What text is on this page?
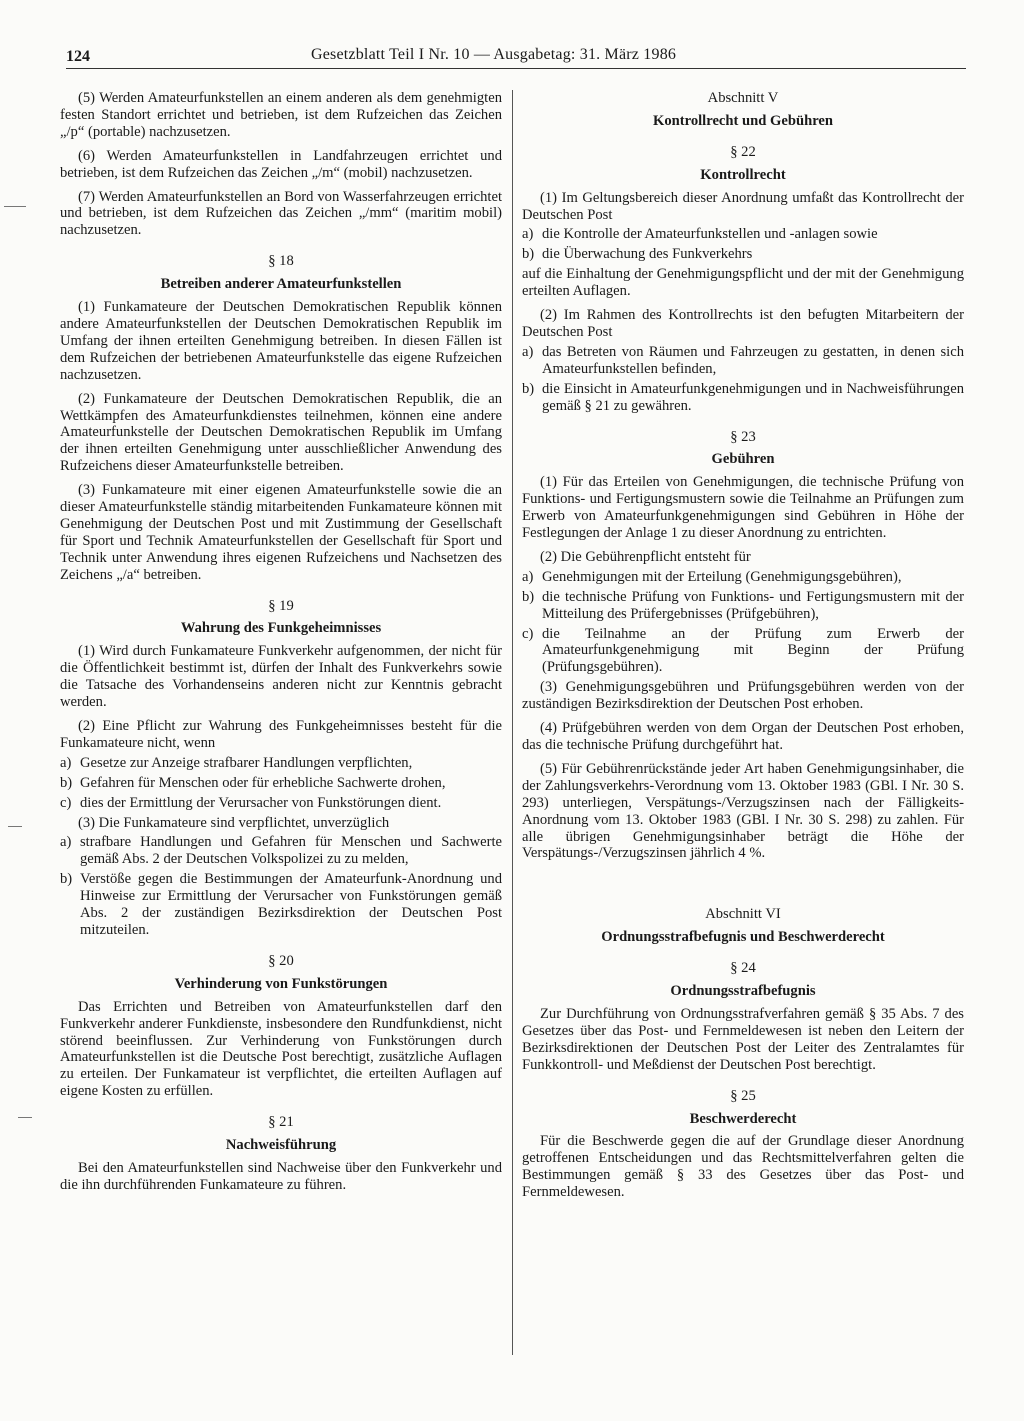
124	Gesetzblatt Teil I Nr. 10 — Ausgabetag: 31. März 1986

(5) Werden Amateurfunkstellen an einem anderen als dem genehmigten festen Standort errichtet und betrieben, ist dem Rufzeichen das Zeichen „/p“ (portable) nachzusetzen.

(6) Werden Amateurfunkstellen in Landfahrzeugen errichtet und betrieben, ist dem Rufzeichen das Zeichen „/m“ (mobil) nachzusetzen.

(7) Werden Amateurfunkstellen an Bord von Wasserfahrzeugen errichtet und betrieben, ist dem Rufzeichen das Zeichen „/mm“ (maritim mobil) nachzusetzen.

§ 18
Betreiben anderer Amateurfunkstellen

(1) Funkamateure der Deutschen Demokratischen Republik können andere Amateurfunkstellen der Deutschen Demokratischen Republik im Umfang der ihnen erteilten Genehmigung betreiben. In diesen Fällen ist dem Rufzeichen der betriebenen Amateurfunkstelle das eigene Rufzeichen nachzusetzen.

(2) Funkamateure der Deutschen Demokratischen Republik, die an Wettkämpfen des Amateurfunkdienstes teilnehmen, können eine andere Amateurfunkstelle der Deutschen Demokratischen Republik im Umfang der ihnen erteilten Genehmigung unter ausschließlicher Anwendung des Rufzeichens dieser Amateurfunkstelle betreiben.

(3) Funkamateure mit einer eigenen Amateurfunkstelle sowie die an dieser Amateurfunkstelle ständig mitarbeitenden Funkamateure können mit Genehmigung der Deutschen Post und mit Zustimmung der Gesellschaft für Sport und Technik Amateurfunkstellen der Gesellschaft für Sport und Technik unter Anwendung ihres eigenen Rufzeichens und Nachsetzen des Zeichens „/a“ betreiben.

§ 19
Wahrung des Funkgeheimnisses

(1) Wird durch Funkamateure Funkverkehr aufgenommen, der nicht für die Öffentlichkeit bestimmt ist, dürfen der Inhalt des Funkverkehrs sowie die Tatsache des Vorhandenseins anderen nicht zur Kenntnis gebracht werden.

(2) Eine Pflicht zur Wahrung des Funkgeheimnisses besteht für die Funkamateure nicht, wenn

a) Gesetze zur Anzeige strafbarer Handlungen verpflichten,
b) Gefahren für Menschen oder für erhebliche Sachwerte drohen,
c) dies der Ermittlung der Verursacher von Funkstörungen dient.

(3) Die Funkamateure sind verpflichtet, unverzüglich

a) strafbare Handlungen und Gefahren für Menschen und Sachwerte gemäß Abs. 2 der Deutschen Volkspolizei zu zu melden,
b) Verstöße gegen die Bestimmungen der Amateurfunk-Anordnung und Hinweise zur Ermittlung der Verursacher von Funkstörungen gemäß Abs. 2 der zuständigen Bezirksdirektion der Deutschen Post mitzuteilen.
§ 20
Verhinderung von Funkstörungen

Das Errichten und Betreiben von Amateurfunkstellen darf den Funkverkehr anderer Funkdienste, insbesondere den Rundfunkdienst, nicht störend beeinflussen. Zur Verhinderung von Funkstörungen durch Amateurfunkstellen ist die Deutsche Post berechtigt, zusätzliche Auflagen zu erteilen. Der Funkamateur ist verpflichtet, die erteilten Auflagen auf eigene Kosten zu erfüllen.

§ 21
Nachweisführung

Bei den Amateurfunkstellen sind Nachweise über den Funkverkehr und die ihn durchführenden Funkamateure zu führen.

Abschnitt V
Kontrollrecht und Gebühren
§ 22
Kontrollrecht

(1) Im Geltungsbereich dieser Anordnung umfaßt das Kontrollrecht der Deutschen Post

a) die Kontrolle der Amateurfunkstellen und -anlagen sowie
b) die Überwachung des Funkverkehrs

auf die Einhaltung der Genehmigungspflicht und der mit der Genehmigung erteilten Auflagen.

(2) Im Rahmen des Kontrollrechts ist den befugten Mitarbeitern der Deutschen Post

a) das Betreten von Räumen und Fahrzeugen zu gestatten, in denen sich Amateurfunkstellen befinden,
b) die Einsicht in Amateurfunkgenehmigungen und in Nachweisführungen gemäß § 21 zu gewähren.
§ 23
Gebühren

(1) Für das Erteilen von Genehmigungen, die technische Prüfung von Funktions- und Fertigungsmustern sowie die Teilnahme an Prüfungen zum Erwerb von Amateurfunkgenehmigungen sind Gebühren in Höhe der Festlegungen der Anlage 1 zu dieser Anordnung zu entrichten.

(2) Die Gebührenpflicht entsteht für

a) Genehmigungen mit der Erteilung (Genehmigungsgebühren),
b) die technische Prüfung von Funktions- und Fertigungsmustern mit der Mitteilung des Prüfergebnisses (Prüfgebühren),
c) die Teilnahme an der Prüfung zum Erwerb der Amateurfunkgenehmigung mit Beginn der Prüfung (Prüfungsgebühren).

(3) Genehmigungsgebühren und Prüfungsgebühren werden von der zuständigen Bezirksdirektion der Deutschen Post erhoben.

(4) Prüfgebühren werden von dem Organ der Deutschen Post erhoben, das die technische Prüfung durchgeführt hat.

(5) Für Gebührenrückstände jeder Art haben Genehmigungsinhaber, die der Zahlungsverkehrs-Verordnung vom 13. Oktober 1983 (GBl. I Nr. 30 S. 293) unterliegen, Verspätungs-/Verzugszinsen nach der Fälligkeits-Anordnung vom 13. Oktober 1983 (GBl. I Nr. 30 S. 298) zu zahlen. Für alle übrigen Genehmigungsinhaber beträgt die Höhe der Verspätungs-/Verzugszinsen jährlich 4 %.

Abschnitt VI
Ordnungsstrafbefugnis und Beschwerderecht
§ 24
Ordnungsstrafbefugnis

Zur Durchführung von Ordnungsstrafverfahren gemäß § 35 Abs. 7 des Gesetzes über das Post- und Fernmeldewesen ist neben den Leitern der Bezirksdirektionen der Deutschen Post der Leiter des Zentralamtes für Funkkontroll- und Meßdienst der Deutschen Post berechtigt.

§ 25
Beschwerderecht

Für die Beschwerde gegen die auf der Grundlage dieser Anordnung getroffenen Entscheidungen und das Rechtsmittelverfahren gelten die Bestimmungen gemäß § 33 des Gesetzes über das Post- und Fernmeldewesen.
